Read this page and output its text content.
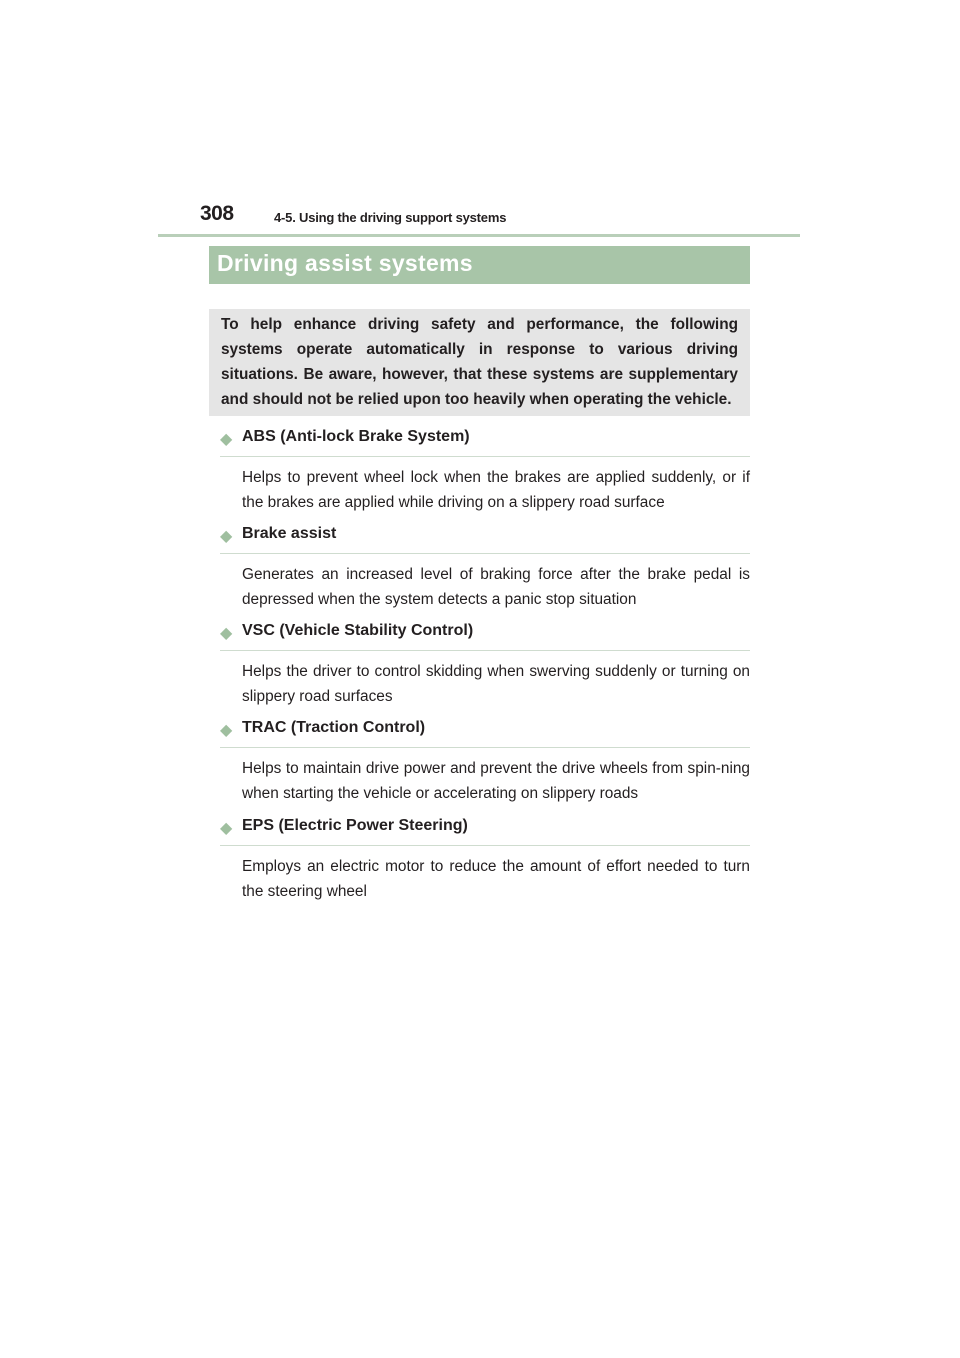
308	4-5. Using the driving support systems
Driving assist systems

To help enhance driving safety and performance, the following systems operate automatically in response to various driving situations. Be aware, however, that these systems are supplementary and should not be relied upon too heavily when operating the vehicle.

◆ ABS (Anti-lock Brake System)

Helps to prevent wheel lock when the brakes are applied suddenly, or if the brakes are applied while driving on a slippery road surface

◆ Brake assist

Generates an increased level of braking force after the brake pedal is depressed when the system detects a panic stop situation

◆ VSC (Vehicle Stability Control)

Helps the driver to control skidding when swerving suddenly or turning on slippery road surfaces

◆ TRAC (Traction Control)

Helps to maintain drive power and prevent the drive wheels from spin-ning when starting the vehicle or accelerating on slippery roads

◆ EPS (Electric Power Steering)

Employs an electric motor to reduce the amount of effort needed to turn the steering wheel
